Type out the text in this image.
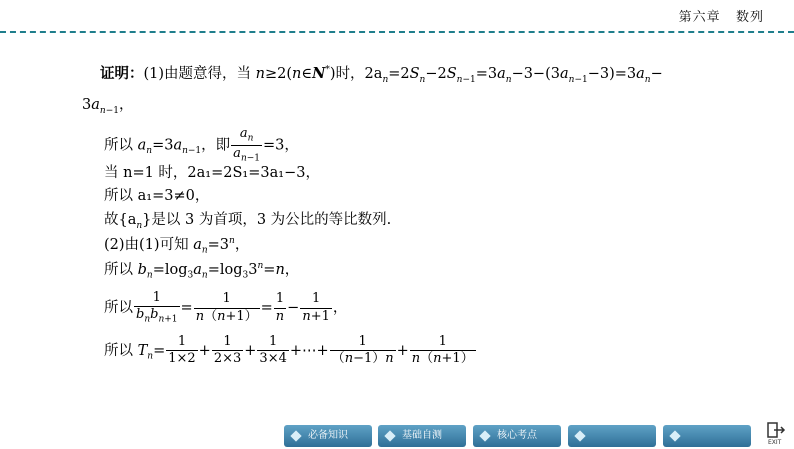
第六章 数列
证明：(1)由题意得，当 n≥2(n∈N*)时，$2a_n=2S_n-2S_{n-1}=3a_n-3-(3a_{n-1}-3)=3a_n-$
$3a_{n-1}$，
所以 $a_n=3a_{n-1}$，即 $\frac{a_n}{a_{n-1}} =3$，
当 n=1 时，2a₁=2S₁=3a₁−3，
所以 a₁=3≠0，
故$\{a_n\}$是以 3 为首项，3 为公比的等比数列.
(2)由(1)可知 $a_n=3^n$，
所以 $b_n=\log_3a_n=\log_33^n=n$，
所以 $\frac{1}{b_nb_{n+1}} = \frac{1}{n(n+1)} = \frac{1}{n} - \frac{1}{n+1}$ ，
所以 $T_n= \frac{1}{1\times 2} + \frac{1}{2\times 3} + \frac{1}{3\times 4}$ +⋯+ $\frac{1}{(n-1)n} + \frac{1}{n(n+1)}$
必备知识	基础自测	核心考点
EXIT
